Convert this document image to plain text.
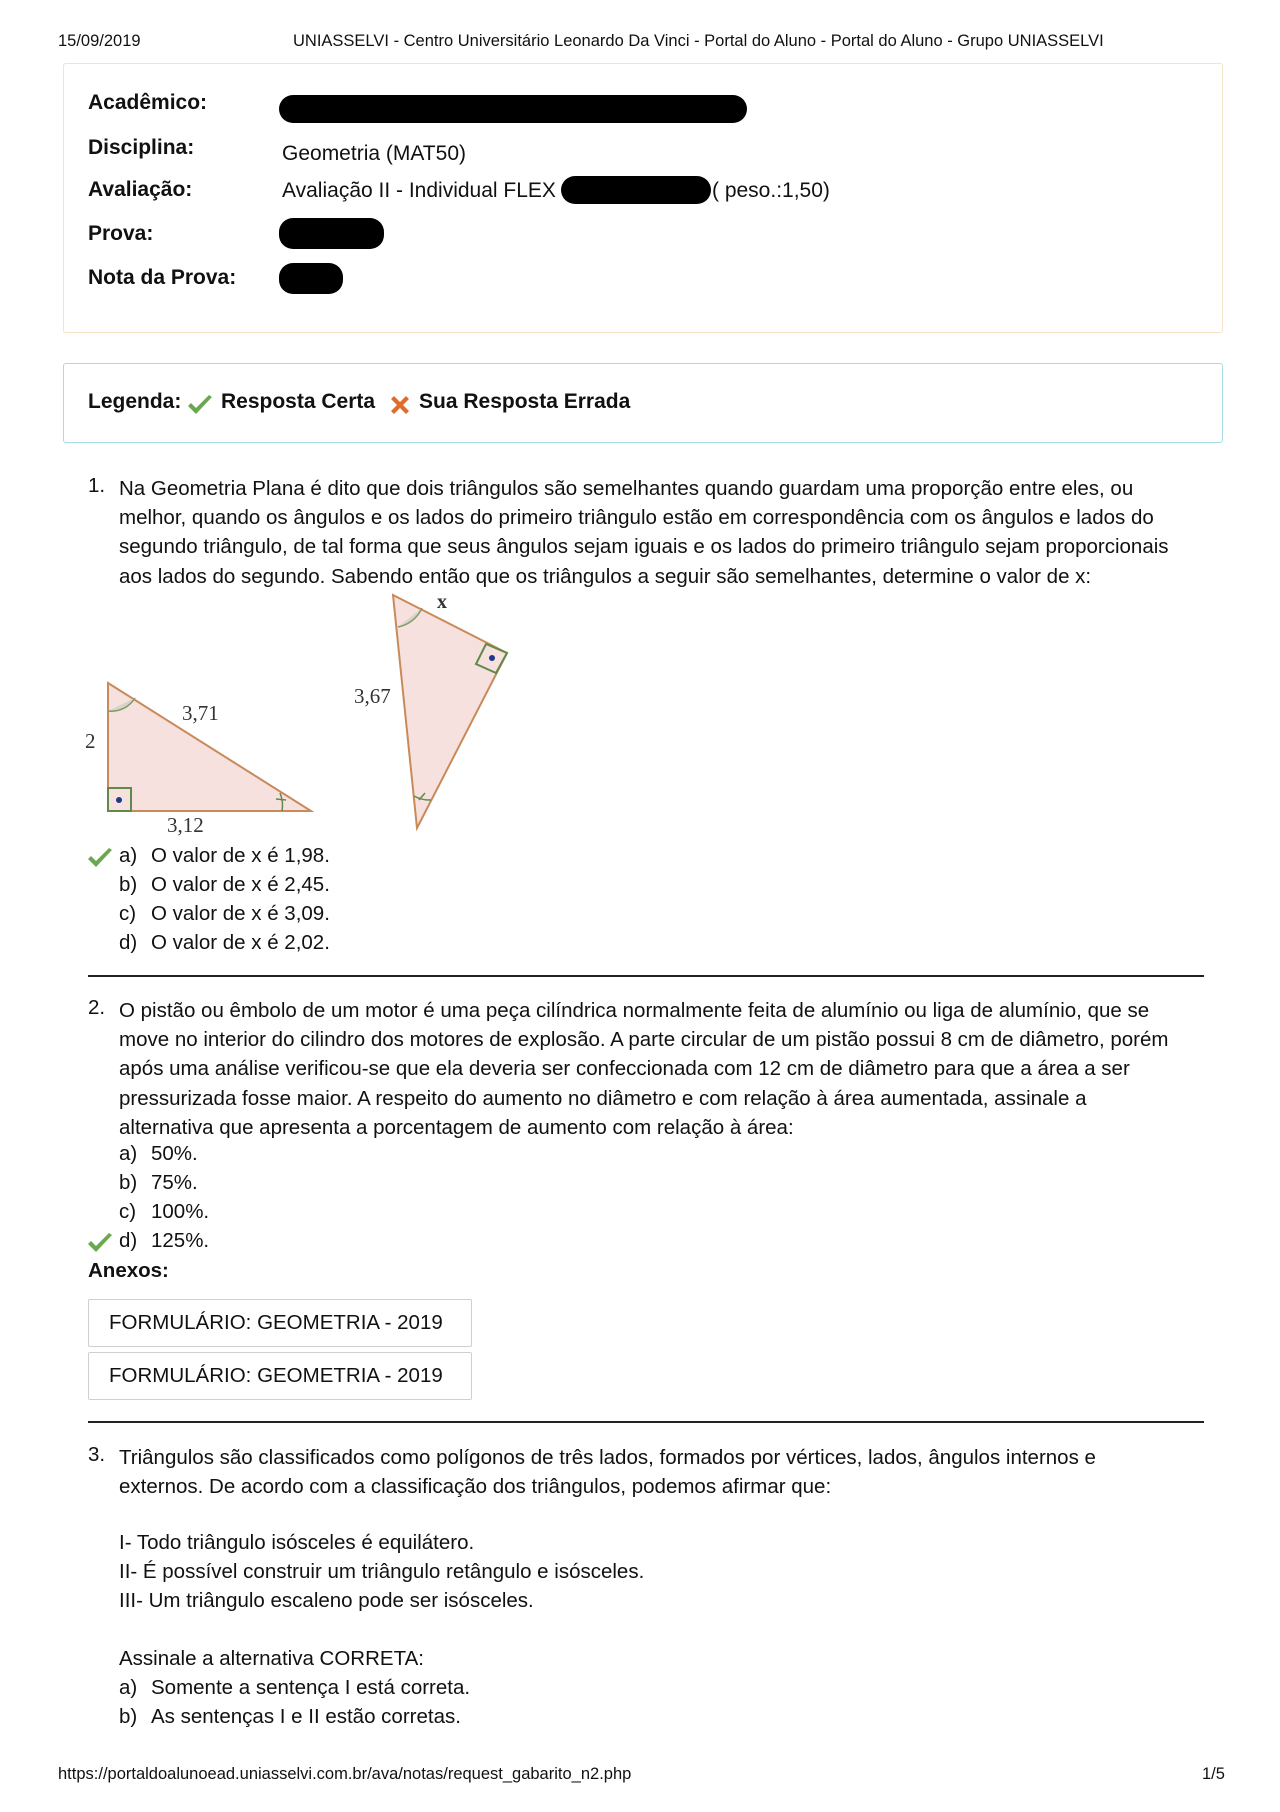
15/09/2019	UNIASSELVI - Centro Universitário Leonardo Da Vinci - Portal do Aluno - Portal do Aluno - Grupo UNIASSELVI
Acadêmico:
Disciplina:	Geometria (MAT50)
Avaliação:	Avaliação II - Individual FLEX	( peso.:1,50)
Prova:
Nota da Prova:
Legenda: Resposta Certa Sua Resposta Errada
1. Na Geometria Plana é dito que dois triângulos são semelhantes quando guardam uma proporção entre eles, ou
melhor, quando os ângulos e os lados do primeiro triângulo estão em correspondência com os ângulos e lados do
segundo triângulo, de tal forma que seus ângulos sejam iguais e os lados do primeiro triângulo sejam proporcionais
aos lados do segundo. Sabendo então que os triângulos a seguir são semelhantes, determine o valor de x:
2
3,71
3,12
3,67
x
a) O valor de x é 1,98.
b) O valor de x é 2,45.
c) O valor de x é 3,09.
d) O valor de x é 2,02.
2. O pistão ou êmbolo de um motor é uma peça cilíndrica normalmente feita de alumínio ou liga de alumínio, que se
move no interior do cilindro dos motores de explosão. A parte circular de um pistão possui 8 cm de diâmetro, porém
após uma análise verificou-se que ela deveria ser confeccionada com 12 cm de diâmetro para que a área a ser
pressurizada fosse maior. A respeito do aumento no diâmetro e com relação à área aumentada, assinale a
alternativa que apresenta a porcentagem de aumento com relação à área:
a) 50%.
b) 75%.
c) 100%.
d) 125%.
Anexos:
FORMULÁRIO: GEOMETRIA - 2019
FORMULÁRIO: GEOMETRIA - 2019
3. Triângulos são classificados como polígonos de três lados, formados por vértices, lados, ângulos internos e
externos. De acordo com a classificação dos triângulos, podemos afirmar que:
I- Todo triângulo isósceles é equilátero.
II- É possível construir um triângulo retângulo e isósceles.
III- Um triângulo escaleno pode ser isósceles.
Assinale a alternativa CORRETA:
a) Somente a sentença I está correta.
b) As sentenças I e II estão corretas.
https://portaldoalunoead.uniasselvi.com.br/ava/notas/request_gabarito_n2.php	1/5
